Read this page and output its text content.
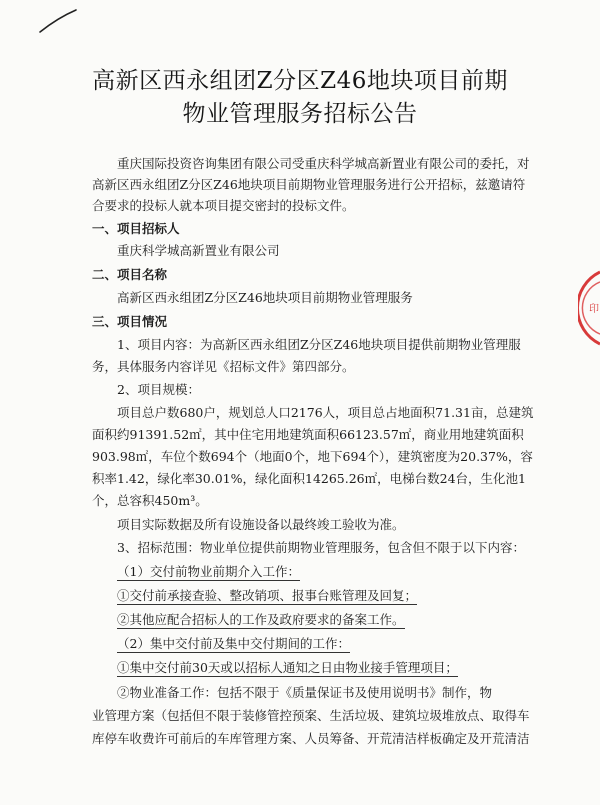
印
高新区西永组团Z分区Z46地块项目前期
物业管理服务招标公告
重庆国际投资咨询集团有限公司受重庆科学城高新置业有限公司的委托，对
高新区西永组团Z分区Z46地块项目前期物业管理服务进行公开招标，兹邀请符
合要求的投标人就本项目提交密封的投标文件。
一、项目招标人
重庆科学城高新置业有限公司
二、项目名称
高新区西永组团Z分区Z46地块项目前期物业管理服务
三、项目情况
1、项目内容：为高新区西永组团Z分区Z46地块项目提供前期物业管理服
务，具体服务内容详见《招标文件》第四部分。
2、项目规模：
项目总户数680户，规划总人口2176人，项目总占地面积71.31亩，总建筑
面积约91391.52㎡，其中住宅用地建筑面积66123.57㎡，商业用地建筑面积
903.98㎡，车位个数694个（地面0个，地下694个），建筑密度为20.37%，容
积率1.42，绿化率30.01%，绿化面积14265.26㎡，电梯台数24台，生化池1
个，总容积450m³。
项目实际数据及所有设施设备以最终竣工验收为准。
3、招标范围：物业单位提供前期物业管理服务，包含但不限于以下内容：
（1）交付前物业前期介入工作：
①交付前承接查验、整改销项、报事台账管理及回复；
②其他应配合招标人的工作及政府要求的备案工作。
（2）集中交付前及集中交付期间的工作：
①集中交付前30天或以招标人通知之日由物业接手管理项目；
②物业准备工作：包括不限于《质量保证书及使用说明书》制作，物
业管理方案（包括但不限于装修管控预案、生活垃圾、建筑垃圾堆放点、取得车
库停车收费许可前后的车库管理方案、人员筹备、开荒清洁样板确定及开荒清洁
